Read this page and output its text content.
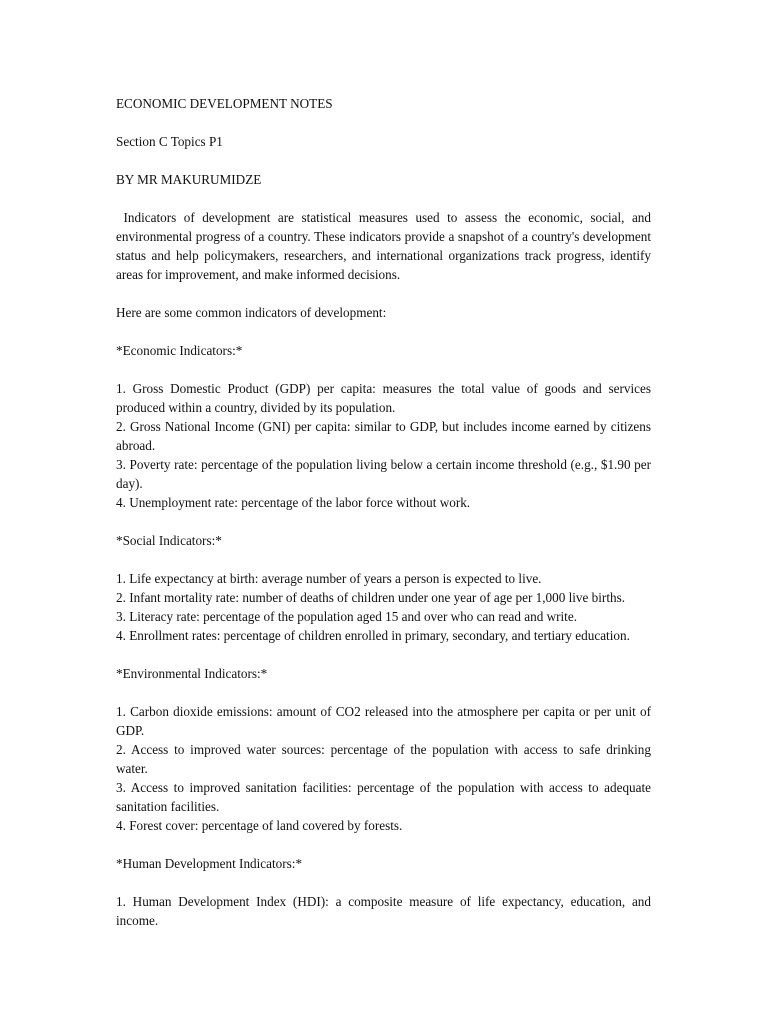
ECONOMIC DEVELOPMENT NOTES

Section C Topics P1

BY MR MAKURUMIDZE

Indicators of development are statistical measures used to assess the economic, social, and environmental progress of a country. These indicators provide a snapshot of a country's development status and help policymakers, researchers, and international organizations track progress, identify areas for improvement, and make informed decisions.

Here are some common indicators of development:

*Economic Indicators:*

1. Gross Domestic Product (GDP) per capita: measures the total value of goods and services produced within a country, divided by its population.
2. Gross National Income (GNI) per capita: similar to GDP, but includes income earned by citizens abroad.
3. Poverty rate: percentage of the population living below a certain income threshold (e.g., $1.90 per day).
4. Unemployment rate: percentage of the labor force without work.

*Social Indicators:*

1. Life expectancy at birth: average number of years a person is expected to live.
2. Infant mortality rate: number of deaths of children under one year of age per 1,000 live births.
3. Literacy rate: percentage of the population aged 15 and over who can read and write.
4. Enrollment rates: percentage of children enrolled in primary, secondary, and tertiary education.

*Environmental Indicators:*

1. Carbon dioxide emissions: amount of CO2 released into the atmosphere per capita or per unit of GDP.
2. Access to improved water sources: percentage of the population with access to safe drinking water.
3. Access to improved sanitation facilities: percentage of the population with access to adequate sanitation facilities.
4. Forest cover: percentage of land covered by forests.

*Human Development Indicators:*

1. Human Development Index (HDI): a composite measure of life expectancy, education, and income.
